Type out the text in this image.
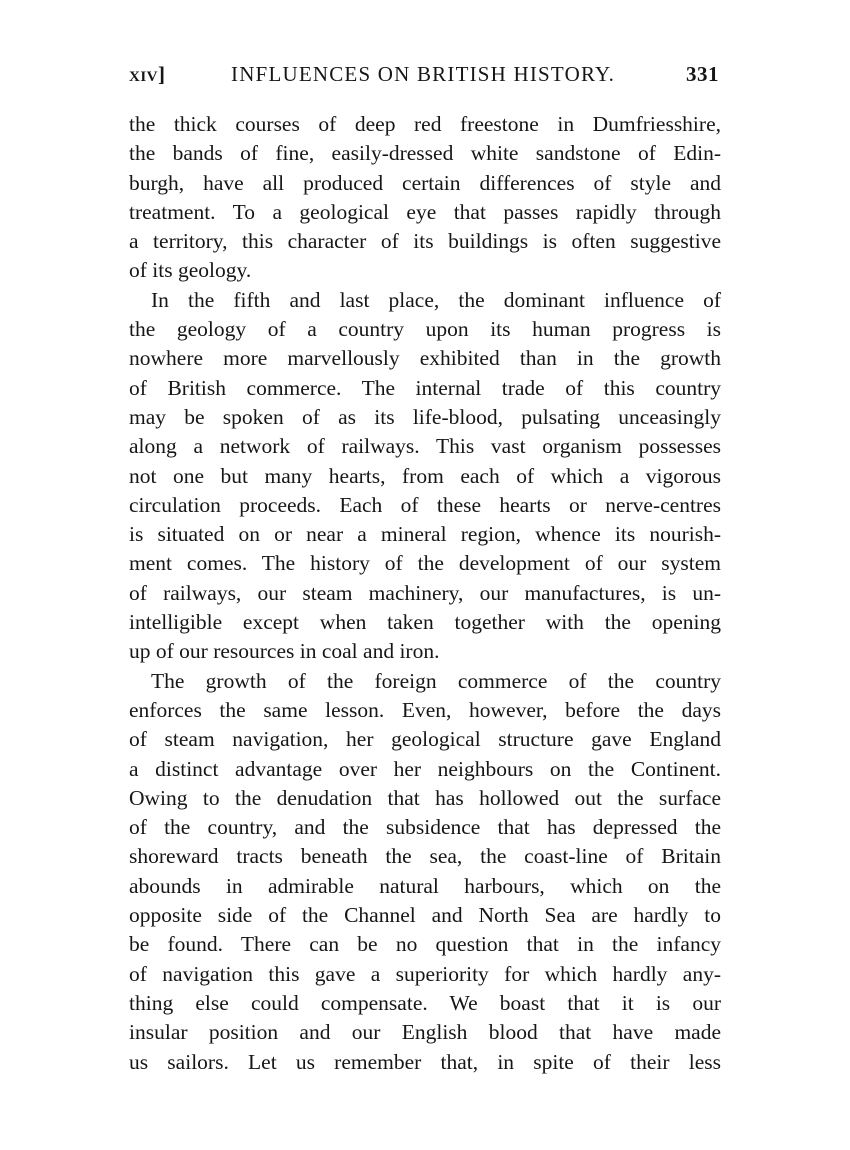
xiv]	INFLUENCES ON BRITISH HISTORY.	331
the thick courses of deep red freestone in Dumfriesshire,
the bands of fine, easily-dressed white sandstone of Edin-
burgh, have all produced certain differences of style and
treatment. To a geological eye that passes rapidly through
a territory, this character of its buildings is often suggestive
of its geology.
In the fifth and last place, the dominant influence of
the geology of a country upon its human progress is
nowhere more marvellously exhibited than in the growth
of British commerce. The internal trade of this country
may be spoken of as its life-blood, pulsating unceasingly
along a network of railways. This vast organism possesses
not one but many hearts, from each of which a vigorous
circulation proceeds. Each of these hearts or nerve-centres
is situated on or near a mineral region, whence its nourish-
ment comes. The history of the development of our system
of railways, our steam machinery, our manufactures, is un-
intelligible except when taken together with the opening
up of our resources in coal and iron.
The growth of the foreign commerce of the country
enforces the same lesson. Even, however, before the days
of steam navigation, her geological structure gave England
a distinct advantage over her neighbours on the Continent.
Owing to the denudation that has hollowed out the surface
of the country, and the subsidence that has depressed the
shoreward tracts beneath the sea, the coast-line of Britain
abounds in admirable natural harbours, which on the
opposite side of the Channel and North Sea are hardly to
be found. There can be no question that in the infancy
of navigation this gave a superiority for which hardly any-
thing else could compensate. We boast that it is our
insular position and our English blood that have made
us sailors. Let us remember that, in spite of their less
